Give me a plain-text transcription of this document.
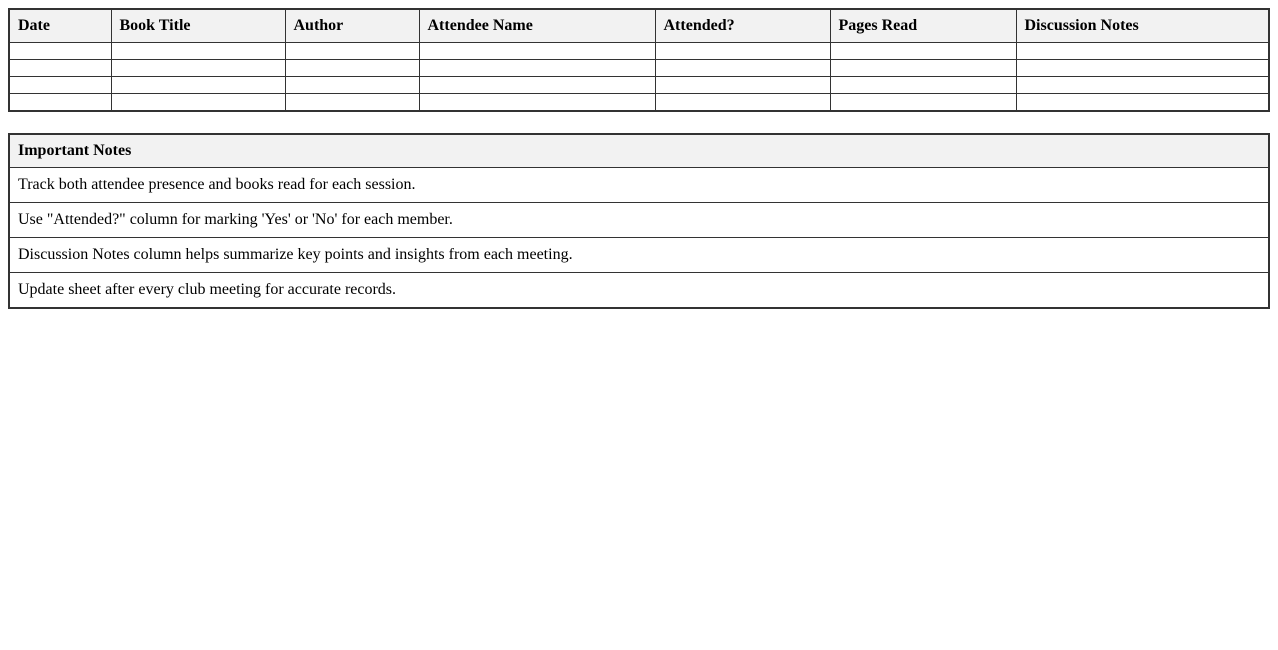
Date	Book Title	Author	Attendee Name	Attended?	Pages Read	Discussion Notes

Important Notes
Track both attendee presence and books read for each session.
Use "Attended?" column for marking 'Yes' or 'No' for each member.
Discussion Notes column helps summarize key points and insights from each meeting.
Update sheet after every club meeting for accurate records.
